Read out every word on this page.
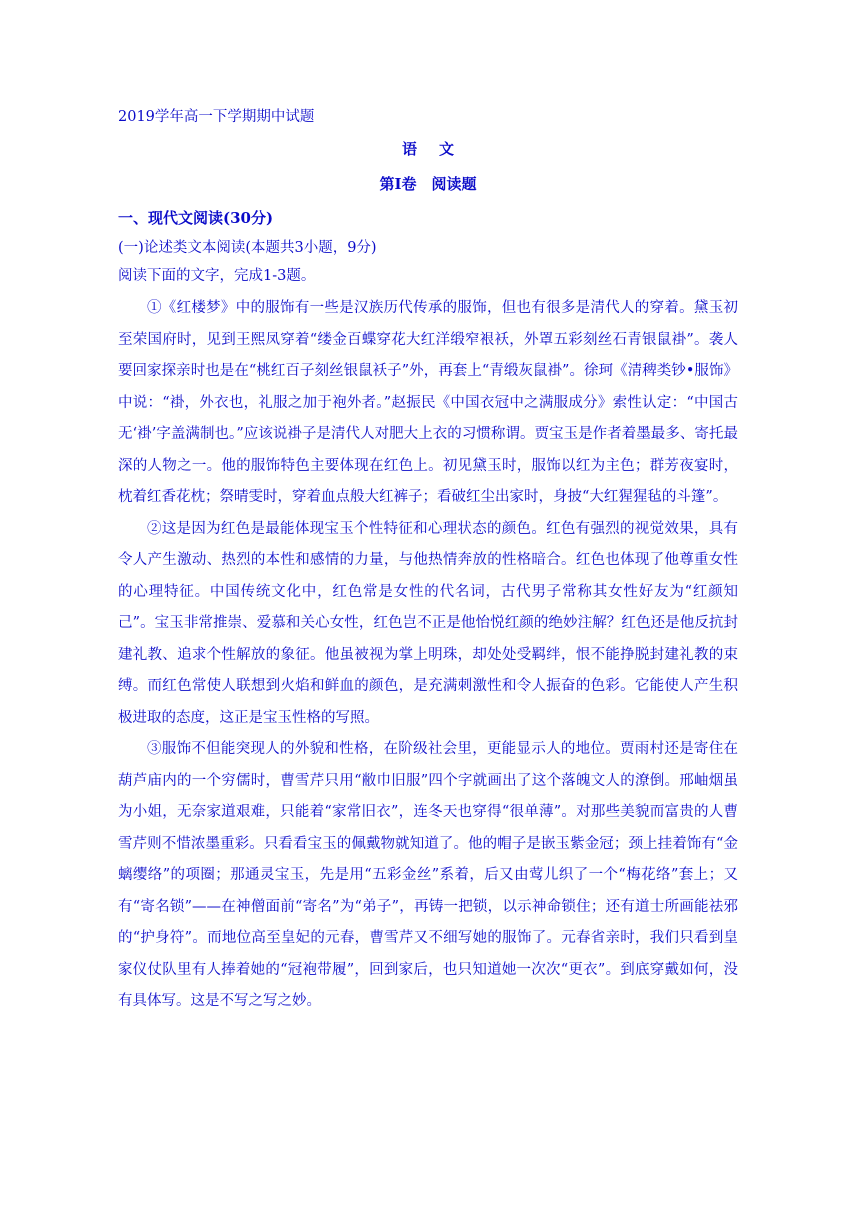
2019学年高一下学期期中试题
语文
第Ⅰ卷　阅读题
一、现代文阅读(30分)
(一)论述类文本阅读(本题共3小题，9分)
阅读下面的文字，完成1-3题。

①《红楼梦》中的服饰有一些是汉族历代传承的服饰，但也有很多是清代人的穿着。黛玉初至荣国府时，见到王熙凤穿着“缕金百蝶穿花大红洋缎窄裉袄，外罩五彩刻丝石青银鼠褂”。袭人要回家探亲时也是在“桃红百子刻丝银鼠袄子”外，再套上“青缎灰鼠褂”。徐珂《清稗类钞•服饰》中说：“褂，外衣也，礼服之加于袍外者。”赵振民《中国衣冠中之满服成分》索性认定：“中国古无‘褂’字盖满制也。”应该说褂子是清代人对肥大上衣的习惯称谓。贾宝玉是作者着墨最多、寄托最深的人物之一。他的服饰特色主要体现在红色上。初见黛玉时，服饰以红为主色；群芳夜宴时，枕着红香花枕；祭晴雯时，穿着血点般大红裤子；看破红尘出家时，身披“大红猩猩毡的斗篷”。

②这是因为红色是最能体现宝玉个性特征和心理状态的颜色。红色有强烈的视觉效果，具有令人产生激动、热烈的本性和感情的力量，与他热情奔放的性格暗合。红色也体现了他尊重女性的心理特征。中国传统文化中，红色常是女性的代名词，古代男子常称其女性好友为“红颜知己”。宝玉非常推崇、爱慕和关心女性，红色岂不正是他怡悦红颜的绝妙注解？红色还是他反抗封建礼教、追求个性解放的象征。他虽被视为掌上明珠，却处处受羁绊，恨不能挣脱封建礼教的束缚。而红色常使人联想到火焰和鲜血的颜色，是充满刺激性和令人振奋的色彩。它能使人产生积极进取的态度，这正是宝玉性格的写照。

③服饰不但能突现人的外貌和性格，在阶级社会里，更能显示人的地位。贾雨村还是寄住在葫芦庙内的一个穷儒时，曹雪芹只用“敝巾旧服”四个字就画出了这个落魄文人的潦倒。邢岫烟虽为小姐，无奈家道艰难，只能着“家常旧衣”，连冬天也穿得“很单薄”。对那些美貌而富贵的人曹雪芹则不惜浓墨重彩。只看看宝玉的佩戴物就知道了。他的帽子是嵌玉紫金冠；颈上挂着饰有“金螭缨络”的项圈；那通灵宝玉，先是用“五彩金丝”系着，后又由莺儿织了一个“梅花络”套上；又有“寄名锁”——在神僧面前“寄名”为“弟子”，再铸一把锁，以示神命锁住；还有道士所画能祛邪的“护身符”。而地位高至皇妃的元春，曹雪芹又不细写她的服饰了。元春省亲时，我们只看到皇家仪仗队里有人捧着她的“冠袍带履”，回到家后，也只知道她一次次“更衣”。到底穿戴如何，没有具体写。这是不写之写之妙。
